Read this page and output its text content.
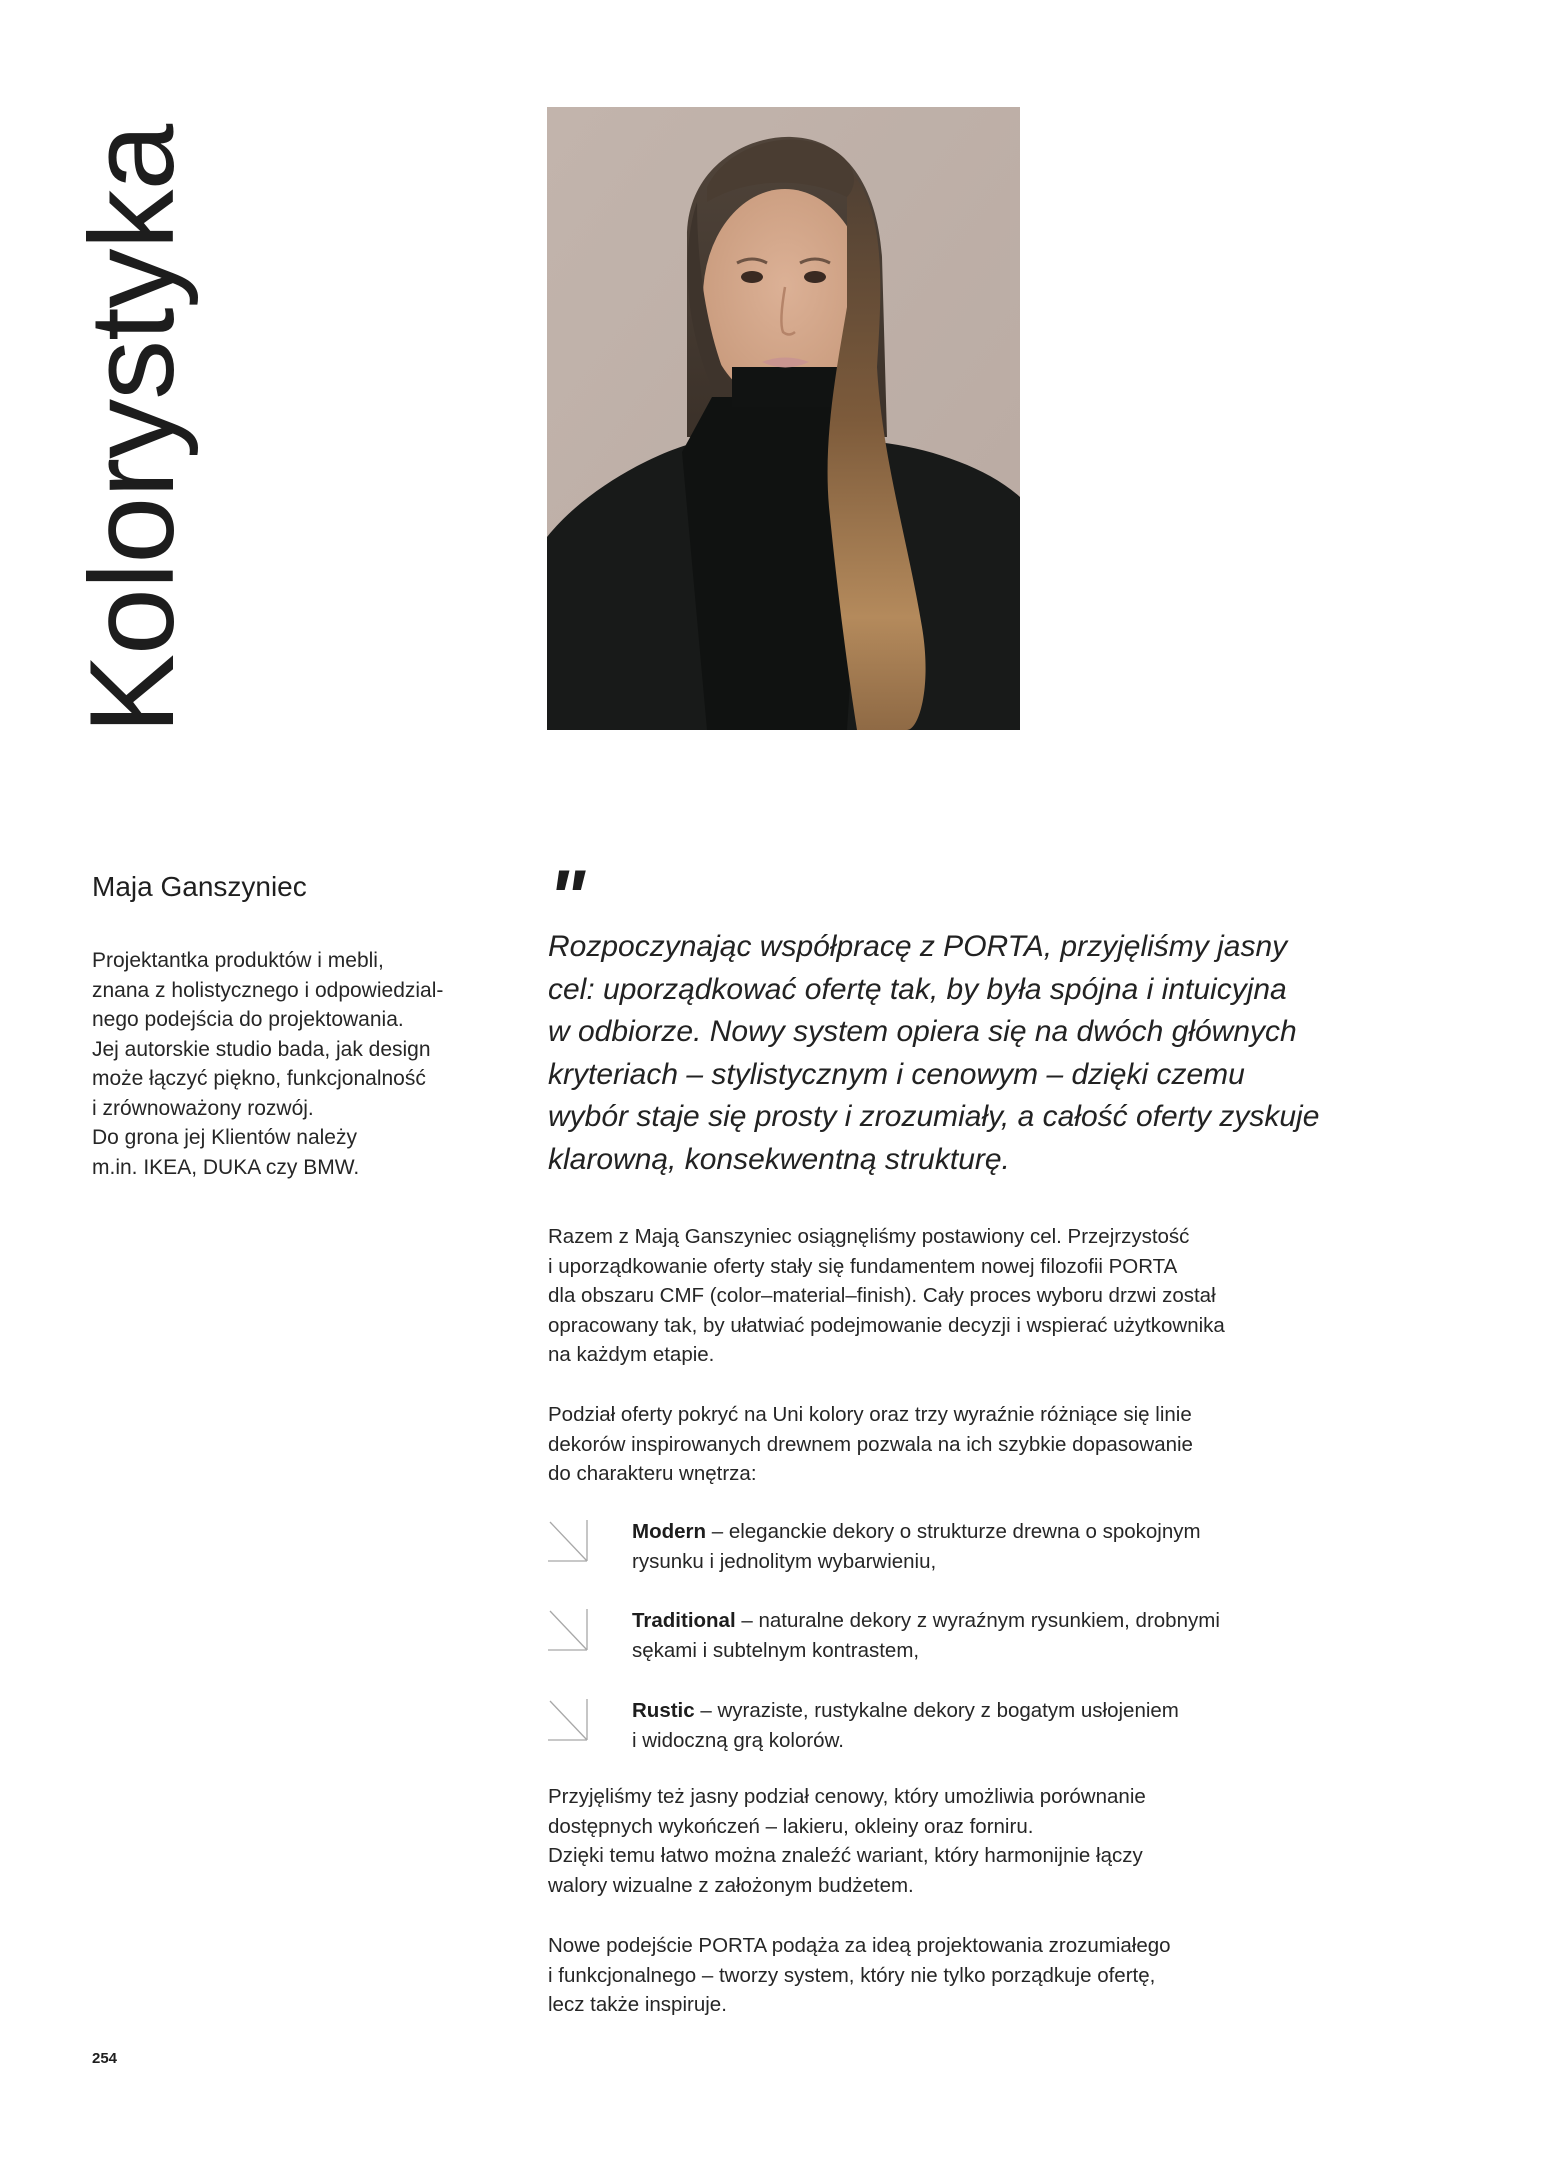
Kolorystyka
Maja Ganszyniec
Projektantka produktów i mebli,
znana z holistycznego i odpowiedzial-
nego podejścia do projektowania.
Jej autorskie studio bada, jak design
może łączyć piękno, funkcjonalność
i zrównoważony rozwój.
Do grona jej Klientów należy
m.in. IKEA, DUKA czy BMW.
"
Rozpoczynając współpracę z PORTA, przyjęliśmy jasny
cel: uporządkować ofertę tak, by była spójna i intuicyjna
w odbiorze. Nowy system opiera się na dwóch głównych
kryteriach – stylistycznym i cenowym – dzięki czemu
wybór staje się prosty i zrozumiały, a całość oferty zyskuje
klarowną, konsekwentną strukturę.
Razem z Mają Ganszyniec osiągnęliśmy postawiony cel. Przejrzystość
i uporządkowanie oferty stały się fundamentem nowej filozofii PORTA
dla obszaru CMF (color–material–finish). Cały proces wyboru drzwi został
opracowany tak, by ułatwiać podejmowanie decyzji i wspierać użytkownika
na każdym etapie.
Podział oferty pokryć na Uni kolory oraz trzy wyraźnie różniące się linie
dekorów inspirowanych drewnem pozwala na ich szybkie dopasowanie
do charakteru wnętrza:
Modern – eleganckie dekory o strukturze drewna o spokojnym
rysunku i jednolitym wybarwieniu,
Traditional – naturalne dekory z wyraźnym rysunkiem, drobnymi
sękami i subtelnym kontrastem,
Rustic – wyraziste, rustykalne dekory z bogatym usłojeniem
i widoczną grą kolorów.
Przyjęliśmy też jasny podział cenowy, który umożliwia porównanie
dostępnych wykończeń – lakieru, okleiny oraz forniru.
Dzięki temu łatwo można znaleźć wariant, który harmonijnie łączy
walory wizualne z założonym budżetem.
Nowe podejście PORTA podąża za ideą projektowania zrozumiałego
i funkcjonalnego – tworzy system, który nie tylko porządkuje ofertę,
lecz także inspiruje.
254
